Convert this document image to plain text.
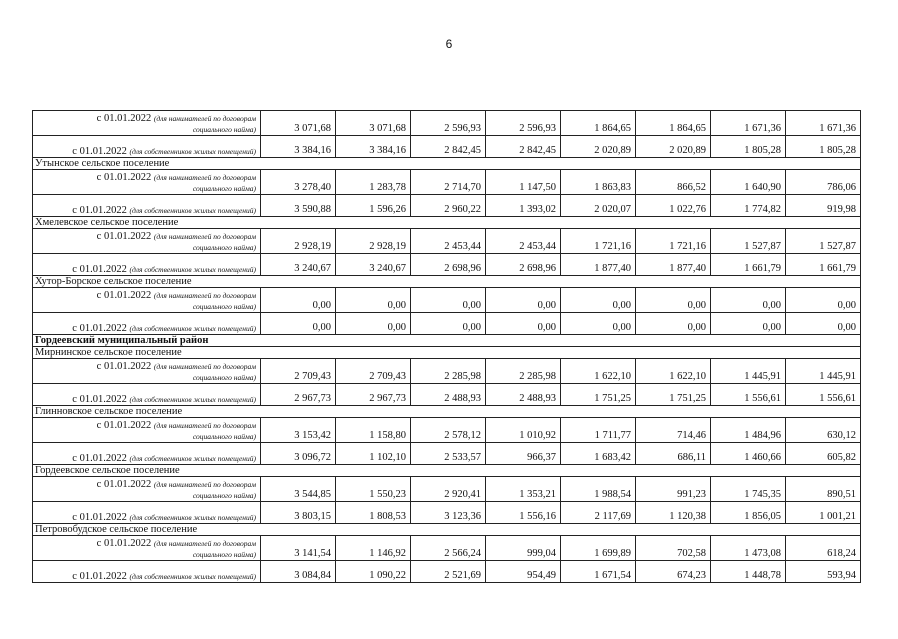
6
с 01.01.2022 (для нанимателей по договорам
социального найма)	3 071,68	3 071,68	2 596,93	2 596,93	1 864,65	1 864,65	1 671,36	1 671,36
с 01.01.2022 (для собственников жилых помещений)	3 384,16	3 384,16	2 842,45	2 842,45	2 020,89	2 020,89	1 805,28	1 805,28
Утынское сельское поселение								
с 01.01.2022 (для нанимателей по договорам
социального найма)	3 278,40	1 283,78	2 714,70	1 147,50	1 863,83	866,52	1 640,90	786,06
с 01.01.2022 (для собственников жилых помещений)	3 590,88	1 596,26	2 960,22	1 393,02	2 020,07	1 022,76	1 774,82	919,98
Хмелевское сельское поселение								
с 01.01.2022 (для нанимателей по договорам
социального найма)	2 928,19	2 928,19	2 453,44	2 453,44	1 721,16	1 721,16	1 527,87	1 527,87
с 01.01.2022 (для собственников жилых помещений)	3 240,67	3 240,67	2 698,96	2 698,96	1 877,40	1 877,40	1 661,79	1 661,79
Хутор-Борское сельское поселение								
с 01.01.2022 (для нанимателей по договорам
социального найма)	0,00	0,00	0,00	0,00	0,00	0,00	0,00	0,00
с 01.01.2022 (для собственников жилых помещений)	0,00	0,00	0,00	0,00	0,00	0,00	0,00	0,00
Гордеевский муниципальный район								
Мирнинское сельское поселение								
с 01.01.2022 (для нанимателей по договорам
социального найма)	2 709,43	2 709,43	2 285,98	2 285,98	1 622,10	1 622,10	1 445,91	1 445,91
с 01.01.2022 (для собственников жилых помещений)	2 967,73	2 967,73	2 488,93	2 488,93	1 751,25	1 751,25	1 556,61	1 556,61
Глинновское сельское поселение								
с 01.01.2022 (для нанимателей по договорам
социального найма)	3 153,42	1 158,80	2 578,12	1 010,92	1 711,77	714,46	1 484,96	630,12
с 01.01.2022 (для собственников жилых помещений)	3 096,72	1 102,10	2 533,57	966,37	1 683,42	686,11	1 460,66	605,82
Гордеевское сельское поселение								
с 01.01.2022 (для нанимателей по договорам
социального найма)	3 544,85	1 550,23	2 920,41	1 353,21	1 988,54	991,23	1 745,35	890,51
с 01.01.2022 (для собственников жилых помещений)	3 803,15	1 808,53	3 123,36	1 556,16	2 117,69	1 120,38	1 856,05	1 001,21
Петровобудское сельское поселение								
с 01.01.2022 (для нанимателей по договорам
социального найма)	3 141,54	1 146,92	2 566,24	999,04	1 699,89	702,58	1 473,08	618,24
с 01.01.2022 (для собственников жилых помещений)	3 084,84	1 090,22	2 521,69	954,49	1 671,54	674,23	1 448,78	593,94
